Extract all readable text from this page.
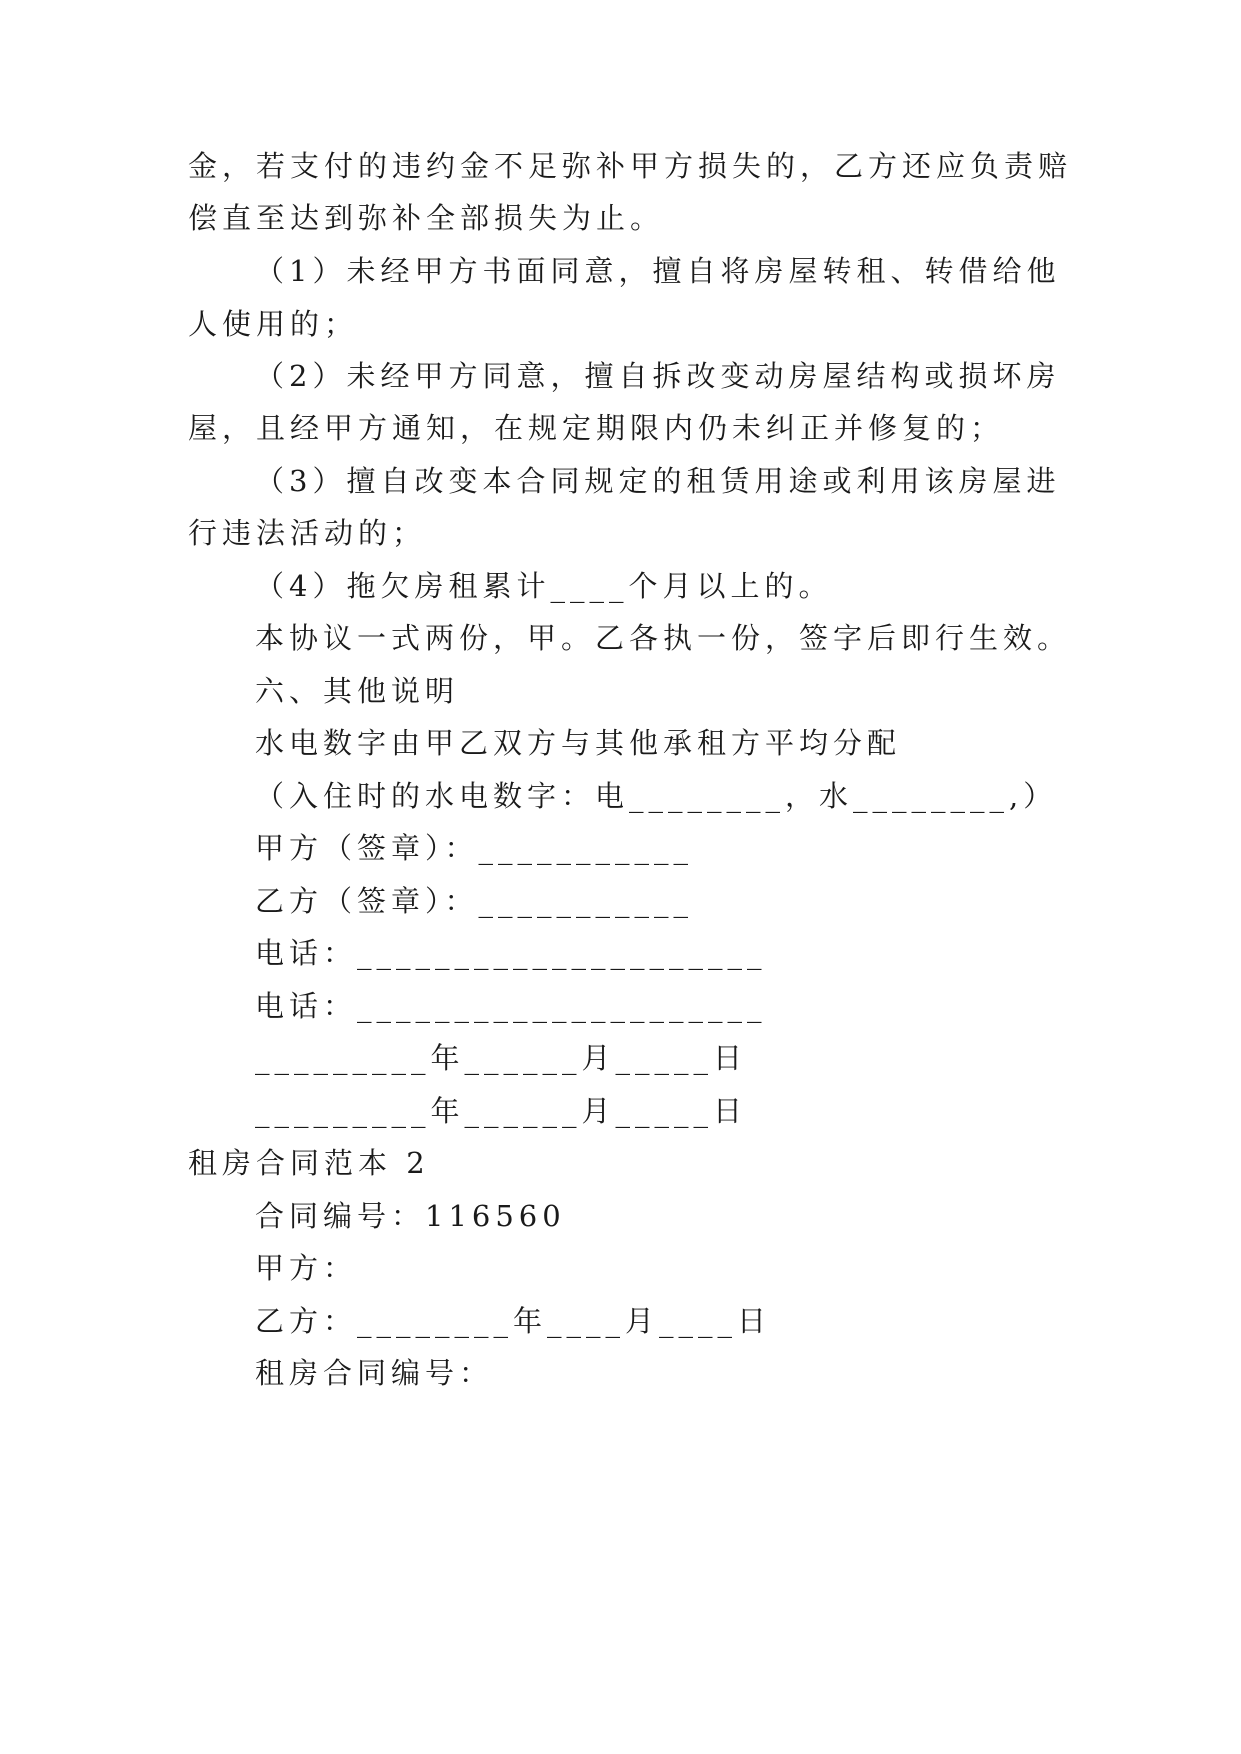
金，若支付的违约金不足弥补甲方损失的，乙方还应负责赔
偿直至达到弥补全部损失为止。
（1）未经甲方书面同意，擅自将房屋转租、转借给他
人使用的；
（2）未经甲方同意，擅自拆改变动房屋结构或损坏房
屋，且经甲方通知，在规定期限内仍未纠正并修复的；
（3）擅自改变本合同规定的租赁用途或利用该房屋进
行违法活动的；
（4）拖欠房租累计____个月以上的。
本协议一式两份，甲。乙各执一份，签字后即行生效。
六、其他说明
水电数字由甲乙双方与其他承租方平均分配
（入住时的水电数字：电________，水________,）
甲方（签章）：___________
乙方（签章）：___________
电话：_____________________
电话：_____________________
_________年______月_____日
_________年______月_____日
租房合同范本 2
合同编号：116560
甲方：
乙方：________年____月____日
租房合同编号：
